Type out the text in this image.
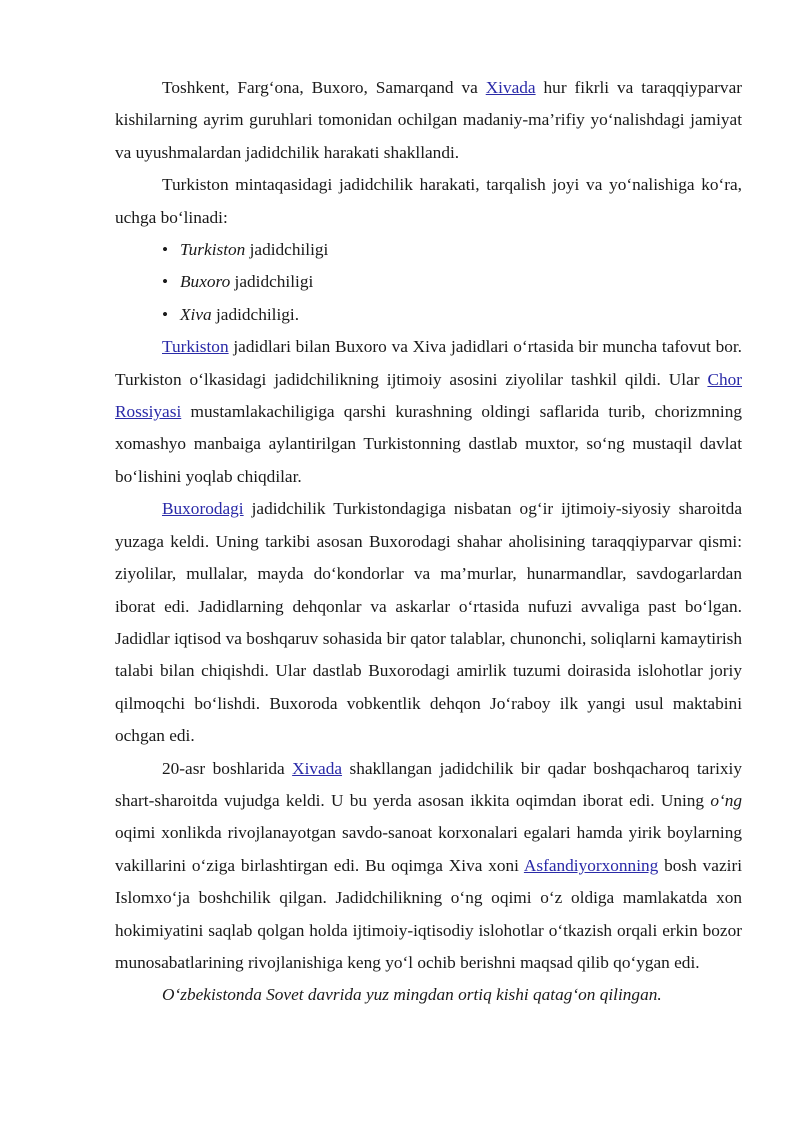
Toshkent, Farg‘ona, Buxoro, Samarqand va Xivada hur fikrli va taraqqiyparvar kishilarning ayrim guruhlari tomonidan ochilgan madaniy-ma’rifiy yo‘nalishdagi jamiyat va uyushmalardan jadidchilik harakati shakllandi.

Turkiston mintaqasidagi jadidchilik harakati, tarqalish joyi va yo‘nalishiga ko‘ra, uchga bo‘linadi:

• Turkiston jadidchiligi
• Buxoro jadidchiligi
• Xiva jadidchiligi.

Turkiston jadidlari bilan Buxoro va Xiva jadidlari o‘rtasida bir muncha tafovut bor. Turkiston o‘lkasidagi jadidchilikning ijtimoiy asosini ziyolilar tashkil qildi. Ular Chor Rossiyasi mustamlakachiligiga qarshi kurashning oldingi saflarida turib, chorizmning xomashyo manbaiga aylantirilgan Turkistonning dastlab muxtor, so‘ng mustaqil davlat bo‘lishini yoqlab chiqdilar.

Buxorodagi jadidchilik Turkistondagiga nisbatan og‘ir ijtimoiy-siyosiy sharoitda yuzaga keldi. Uning tarkibi asosan Buxorodagi shahar aholisining taraqqiyparvar qismi: ziyolilar, mullalar, mayda do‘kondorlar va ma’murlar, hunarmandlar, savdogarlardan iborat edi. Jadidlarning dehqonlar va askarlar o‘rtasida nufuzi avvaliga past bo‘lgan. Jadidlar iqtisod va boshqaruv sohasida bir qator talablar, chunonchi, soliqlarni kamaytirish talabi bilan chiqishdi. Ular dastlab Buxorodagi amirlik tuzumi doirasida islohotlar joriy qilmoqchi bo‘lishdi. Buxoroda vobkentlik dehqon Jo‘raboy ilk yangi usul maktabini ochgan edi.

20-asr boshlarida Xivada shakllangan jadidchilik bir qadar boshqacharoq tarixiy shart-sharoitda vujudga keldi. U bu yerda asosan ikkita oqimdan iborat edi. Uning o‘ng oqimi xonlikda rivojlanayotgan savdo-sanoat korxonalari egalari hamda yirik boylarning vakillarini o‘ziga birlashtirgan edi. Bu oqimga Xiva xoni Asfandiyorxonning bosh vaziri Islomxo‘ja boshchilik qilgan. Jadidchilikning o‘ng oqimi o‘z oldiga mamlakatda xon hokimiyatini saqlab qolgan holda ijtimoiy-iqtisodiy islohotlar o‘tkazish orqali erkin bozor munosabatlarining rivojlanishiga keng yo‘l ochib berishni maqsad qilib qo‘ygan edi.

O‘zbekistonda Sovet davrida yuz mingdan ortiq kishi qatag‘on qilingan.
